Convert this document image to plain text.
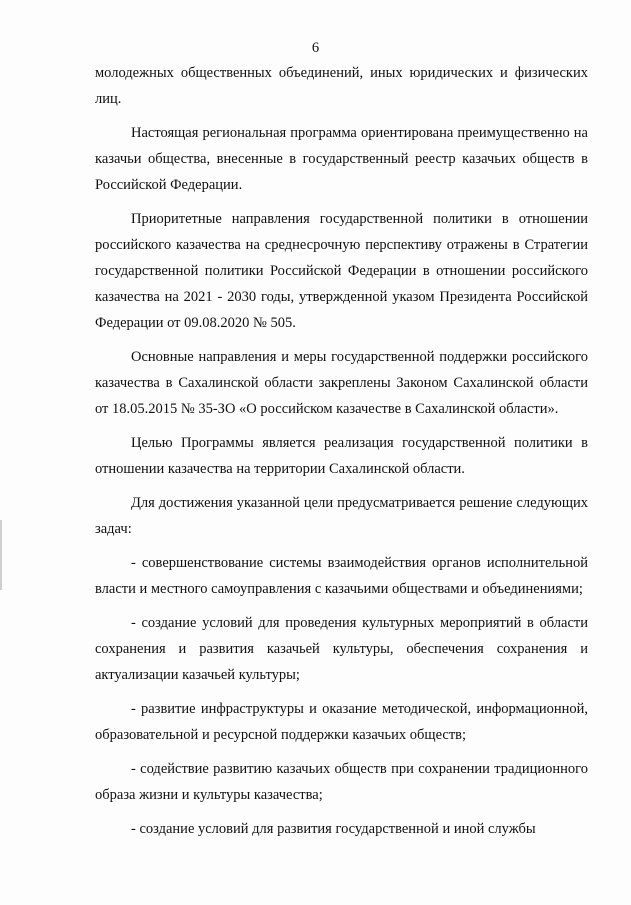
6

молодежных общественных объединений, иных юридических и физических лиц.

Настоящая региональная программа ориентирована преимущественно на казачьи общества, внесенные в государственный реестр казачьих обществ в Российской Федерации.

Приоритетные направления государственной политики в отношении российского казачества на среднесрочную перспективу отражены в Стратегии государственной политики Российской Федерации в отношении российского казачества на 2021 - 2030 годы, утвержденной указом Президента Российской Федерации от 09.08.2020 № 505.

Основные направления и меры государственной поддержки российского казачества в Сахалинской области закреплены Законом Сахалинской области от 18.05.2015 № 35-ЗО «О российском казачестве в Сахалинской области».

Целью Программы является реализация государственной политики в отношении казачества на территории Сахалинской области.

Для достижения указанной цели предусматривается решение следующих задач:

- совершенствование системы взаимодействия органов исполнительной власти и местного самоуправления с казачьими обществами и объединениями;

- создание условий для проведения культурных мероприятий в области сохранения и развития казачьей культуры, обеспечения сохранения и актуализации казачьей культуры;

- развитие инфраструктуры и оказание методической, информационной, образовательной и ресурсной поддержки казачьих обществ;

- содействие развитию казачьих обществ при сохранении традиционного образа жизни и культуры казачества;

- создание условий для развития государственной и иной службы
